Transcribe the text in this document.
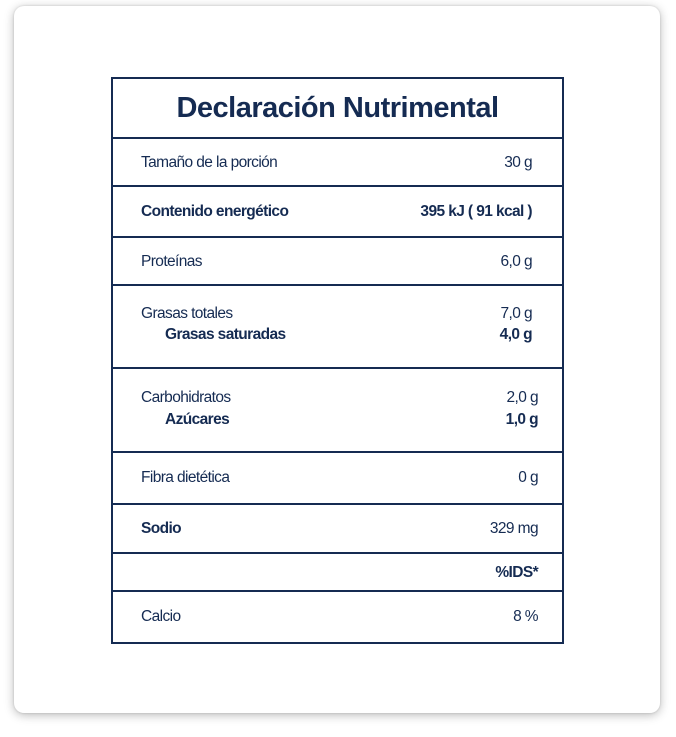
Declaración Nutrimental
Tamaño de la porción	30 g
Contenido energético	395 kJ ( 91 kcal )
Proteínas	6,0 g
Grasas totales	7,0 g
Grasas saturadas	4,0 g
Carbohidratos	2,0 g
Azúcares	1,0 g
Fibra dietética	0 g
Sodio	329 mg
%IDS*
Calcio	8 %
